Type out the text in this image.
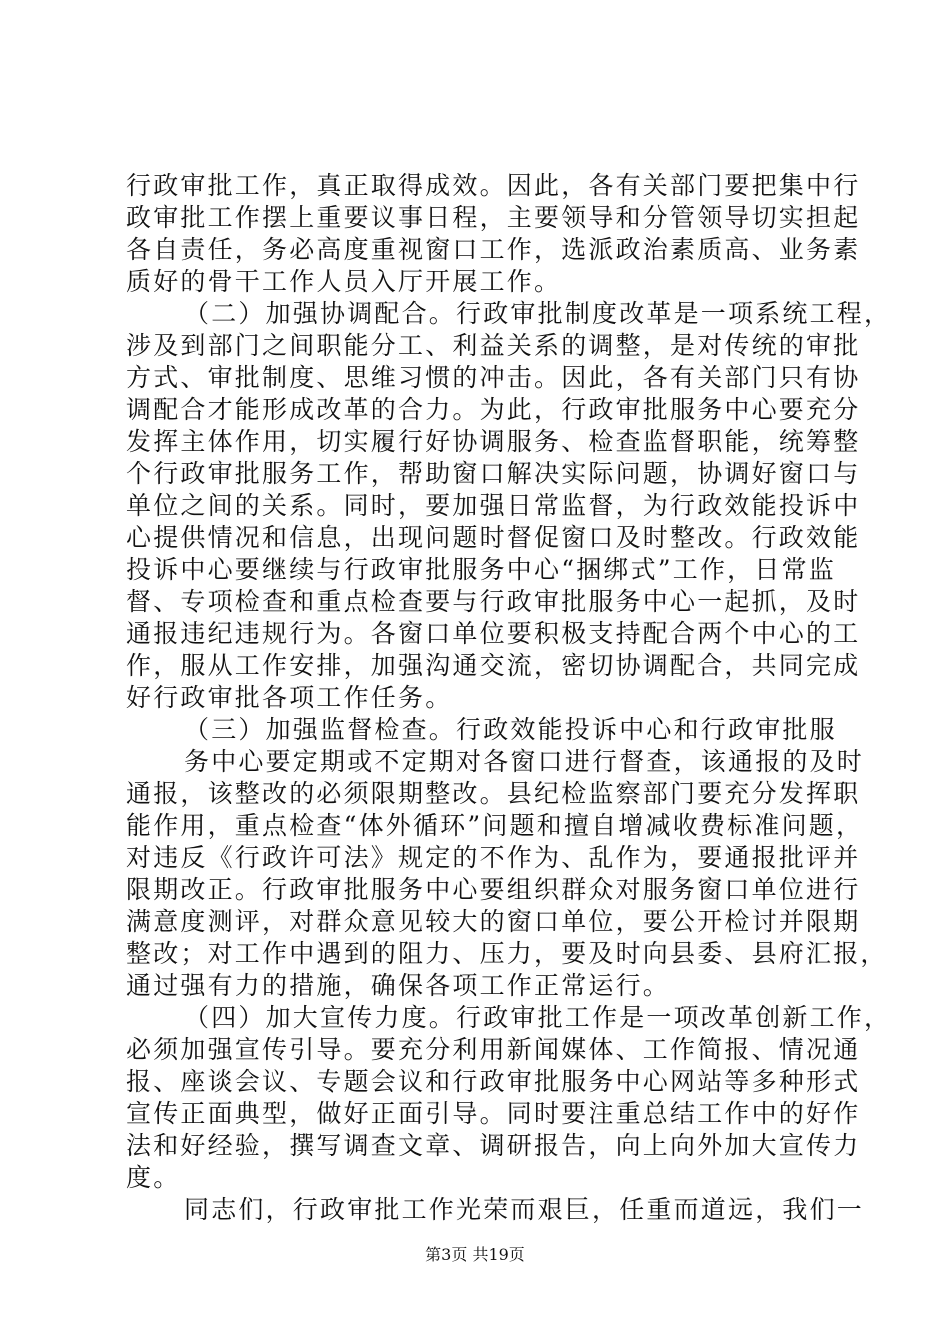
行政审批工作，真正取得成效。因此，各有关部门要把集中行
政审批工作摆上重要议事日程，主要领导和分管领导切实担起
各自责任，务必高度重视窗口工作，选派政治素质高、业务素
质好的骨干工作人员入厅开展工作。
（二）加强协调配合。行政审批制度改革是一项系统工程，
涉及到部门之间职能分工、利益关系的调整，是对传统的审批
方式、审批制度、思维习惯的冲击。因此，各有关部门只有协
调配合才能形成改革的合力。为此，行政审批服务中心要充分
发挥主体作用，切实履行好协调服务、检查监督职能，统筹整
个行政审批服务工作，帮助窗口解决实际问题，协调好窗口与
单位之间的关系。同时，要加强日常监督，为行政效能投诉中
心提供情况和信息，出现问题时督促窗口及时整改。行政效能
投诉中心要继续与行政审批服务中心“捆绑式”工作，日常监
督、专项检查和重点检查要与行政审批服务中心一起抓，及时
通报违纪违规行为。各窗口单位要积极支持配合两个中心的工
作，服从工作安排，加强沟通交流，密切协调配合，共同完成
好行政审批各项工作任务。
（三）加强监督检查。行政效能投诉中心和行政审批服
务中心要定期或不定期对各窗口进行督查，该通报的及时
通报，该整改的必须限期整改。县纪检监察部门要充分发挥职
能作用，重点检查“体外循环”问题和擅自增减收费标准问题，
对违反《行政许可法》规定的不作为、乱作为，要通报批评并
限期改正。行政审批服务中心要组织群众对服务窗口单位进行
满意度测评，对群众意见较大的窗口单位，要公开检讨并限期
整改；对工作中遇到的阻力、压力，要及时向县委、县府汇报，
通过强有力的措施，确保各项工作正常运行。
（四）加大宣传力度。行政审批工作是一项改革创新工作，
必须加强宣传引导。要充分利用新闻媒体、工作简报、情况通
报、座谈会议、专题会议和行政审批服务中心网站等多种形式
宣传正面典型，做好正面引导。同时要注重总结工作中的好作
法和好经验，撰写调查文章、调研报告，向上向外加大宣传力
度。
同志们，行政审批工作光荣而艰巨，任重而道远，我们一
第3页 共19页
